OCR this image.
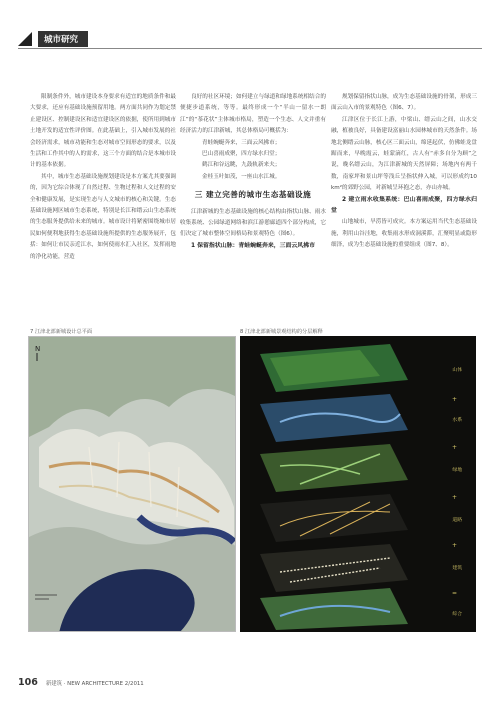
城市研究

限制条件外，城市建设本身要求有适宜的地质条件和最大要求，还应有基础设施预留用地。两方面共同作为划定禁止建设区、控制建设区和适宜建设区的依据，使所用到城市土地开发的适宜性评价图。在此基础上，引入城市发展的社会经济需求，城市功能和生态对城市空间形态的要求，以及生活和工作其中的人的需求，这三个方面的结合是本城市设计的基本依据。

其中，城市生态基础设施规划建设是本方案尤其要强调的，因为它综合体现了自然过程、生物过程和人文过程的安全和健康发展，是实现生态与人文城市的核心和关键。生态基础设施网区城市生态系统，特别是长江和缙云山生态系统的生态服务提供给未来的城市。城市设计将紧密围绕城市居民如何便利地获得生态基础设施所提供的生态服务展开，包括：如何让市民亲近江水，如何使雨水汇入社区，发挥雨地的净化功能，营造

良好的社区环境；如何建立与绿道和绿地系统相结合的便捷步道系统，等等。最终形成一个“半山一留水一朗江”的“茶花状”主体城市格局，塑造一个生态、人文并重有经济活力的江津新城，其总体格局可概括为：

青蛙蜿蜒奔来，三面云风拂市；

巴山喜雨成聚，四方绿水归堂；

鹤江和谷远眺，九鼓轨新来夫；

金桂玉叶如茂，一座山水江城。

三 建立完善的城市生态基础设施

江津新城的生态基础设施的核心结构由指状山脉、雨水收集系统、公园绿道网络和滨江游憩廊道四个部分构成，它们决定了城市整体空间格局和景观特色（图6）。

1 保留指状山脉：青蛙蜿蜒奔来，三面云风拂市

规划保留指状山脉，成为生态基础设施的骨架，形成三面云山入市的景观特色（图6、7）。

江津区位于长江上游，中梁山、缙云山之间，山水交融，植被良好，具备建设富丽山水园林城市的天然条件。场地北侧缙云山脉，核心区三面云山，绵延起伏，仿佛蛙龙盘踞而来，早晚霞云，蛙蒙滴红，古人有“赤多自分为顾”之说，晚名缙云山，为江津新城的天然屏障；场地内有两千数，南家坪和景山坪等浅丘呈指状伸入城，可以形成约10 km²的郊野公园，对新城呈环抱之态，亦山亦城。

2 建立雨水收集系统：巴山喜雨成聚，四方绿水归堂

山地城市，旱涝皆可成灾。本方案运用当代生态基础设施，利用山谷洼地，收集雨水形成洞溪滞，汇聚明显或隐形细泽，成为生态基础设施的重要组成（图7、8）。

7 江津北部新城设计总平面	8 江津北部新城景观结构的分层解释
N
山体
+
水系
+
绿地
+
道路
+
建筑
=
综合
106 新建筑 · NEW ARCHITECTURE 2/2011
